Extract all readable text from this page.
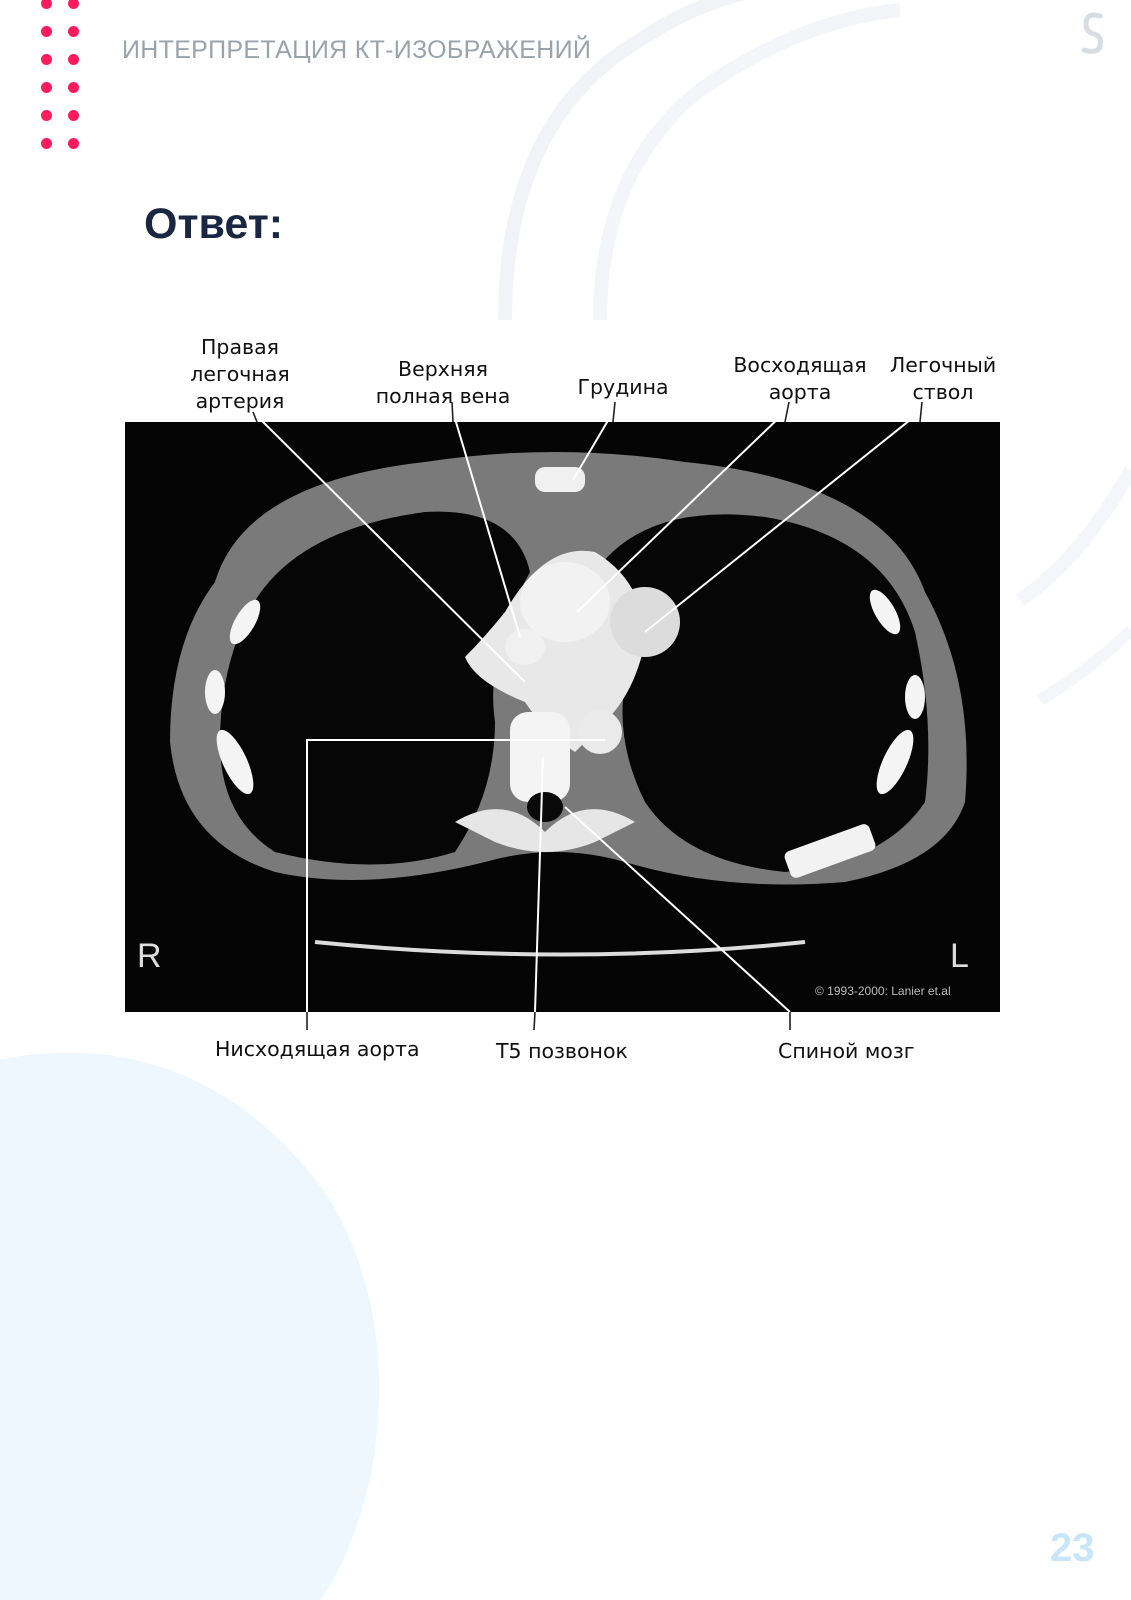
ИНТЕРПРЕТАЦИЯ КТ-ИЗОБРАЖЕНИЙ
Ответ:
Правая
легочная
артерия
Верхняя
полная вена	Грудина
Восходящая
аорта
Легочный
ствол
R	L
© 1993-2000: Lanier et.al
Нисходящая аорта	Т5 позвонок	Спиной мозг
23
